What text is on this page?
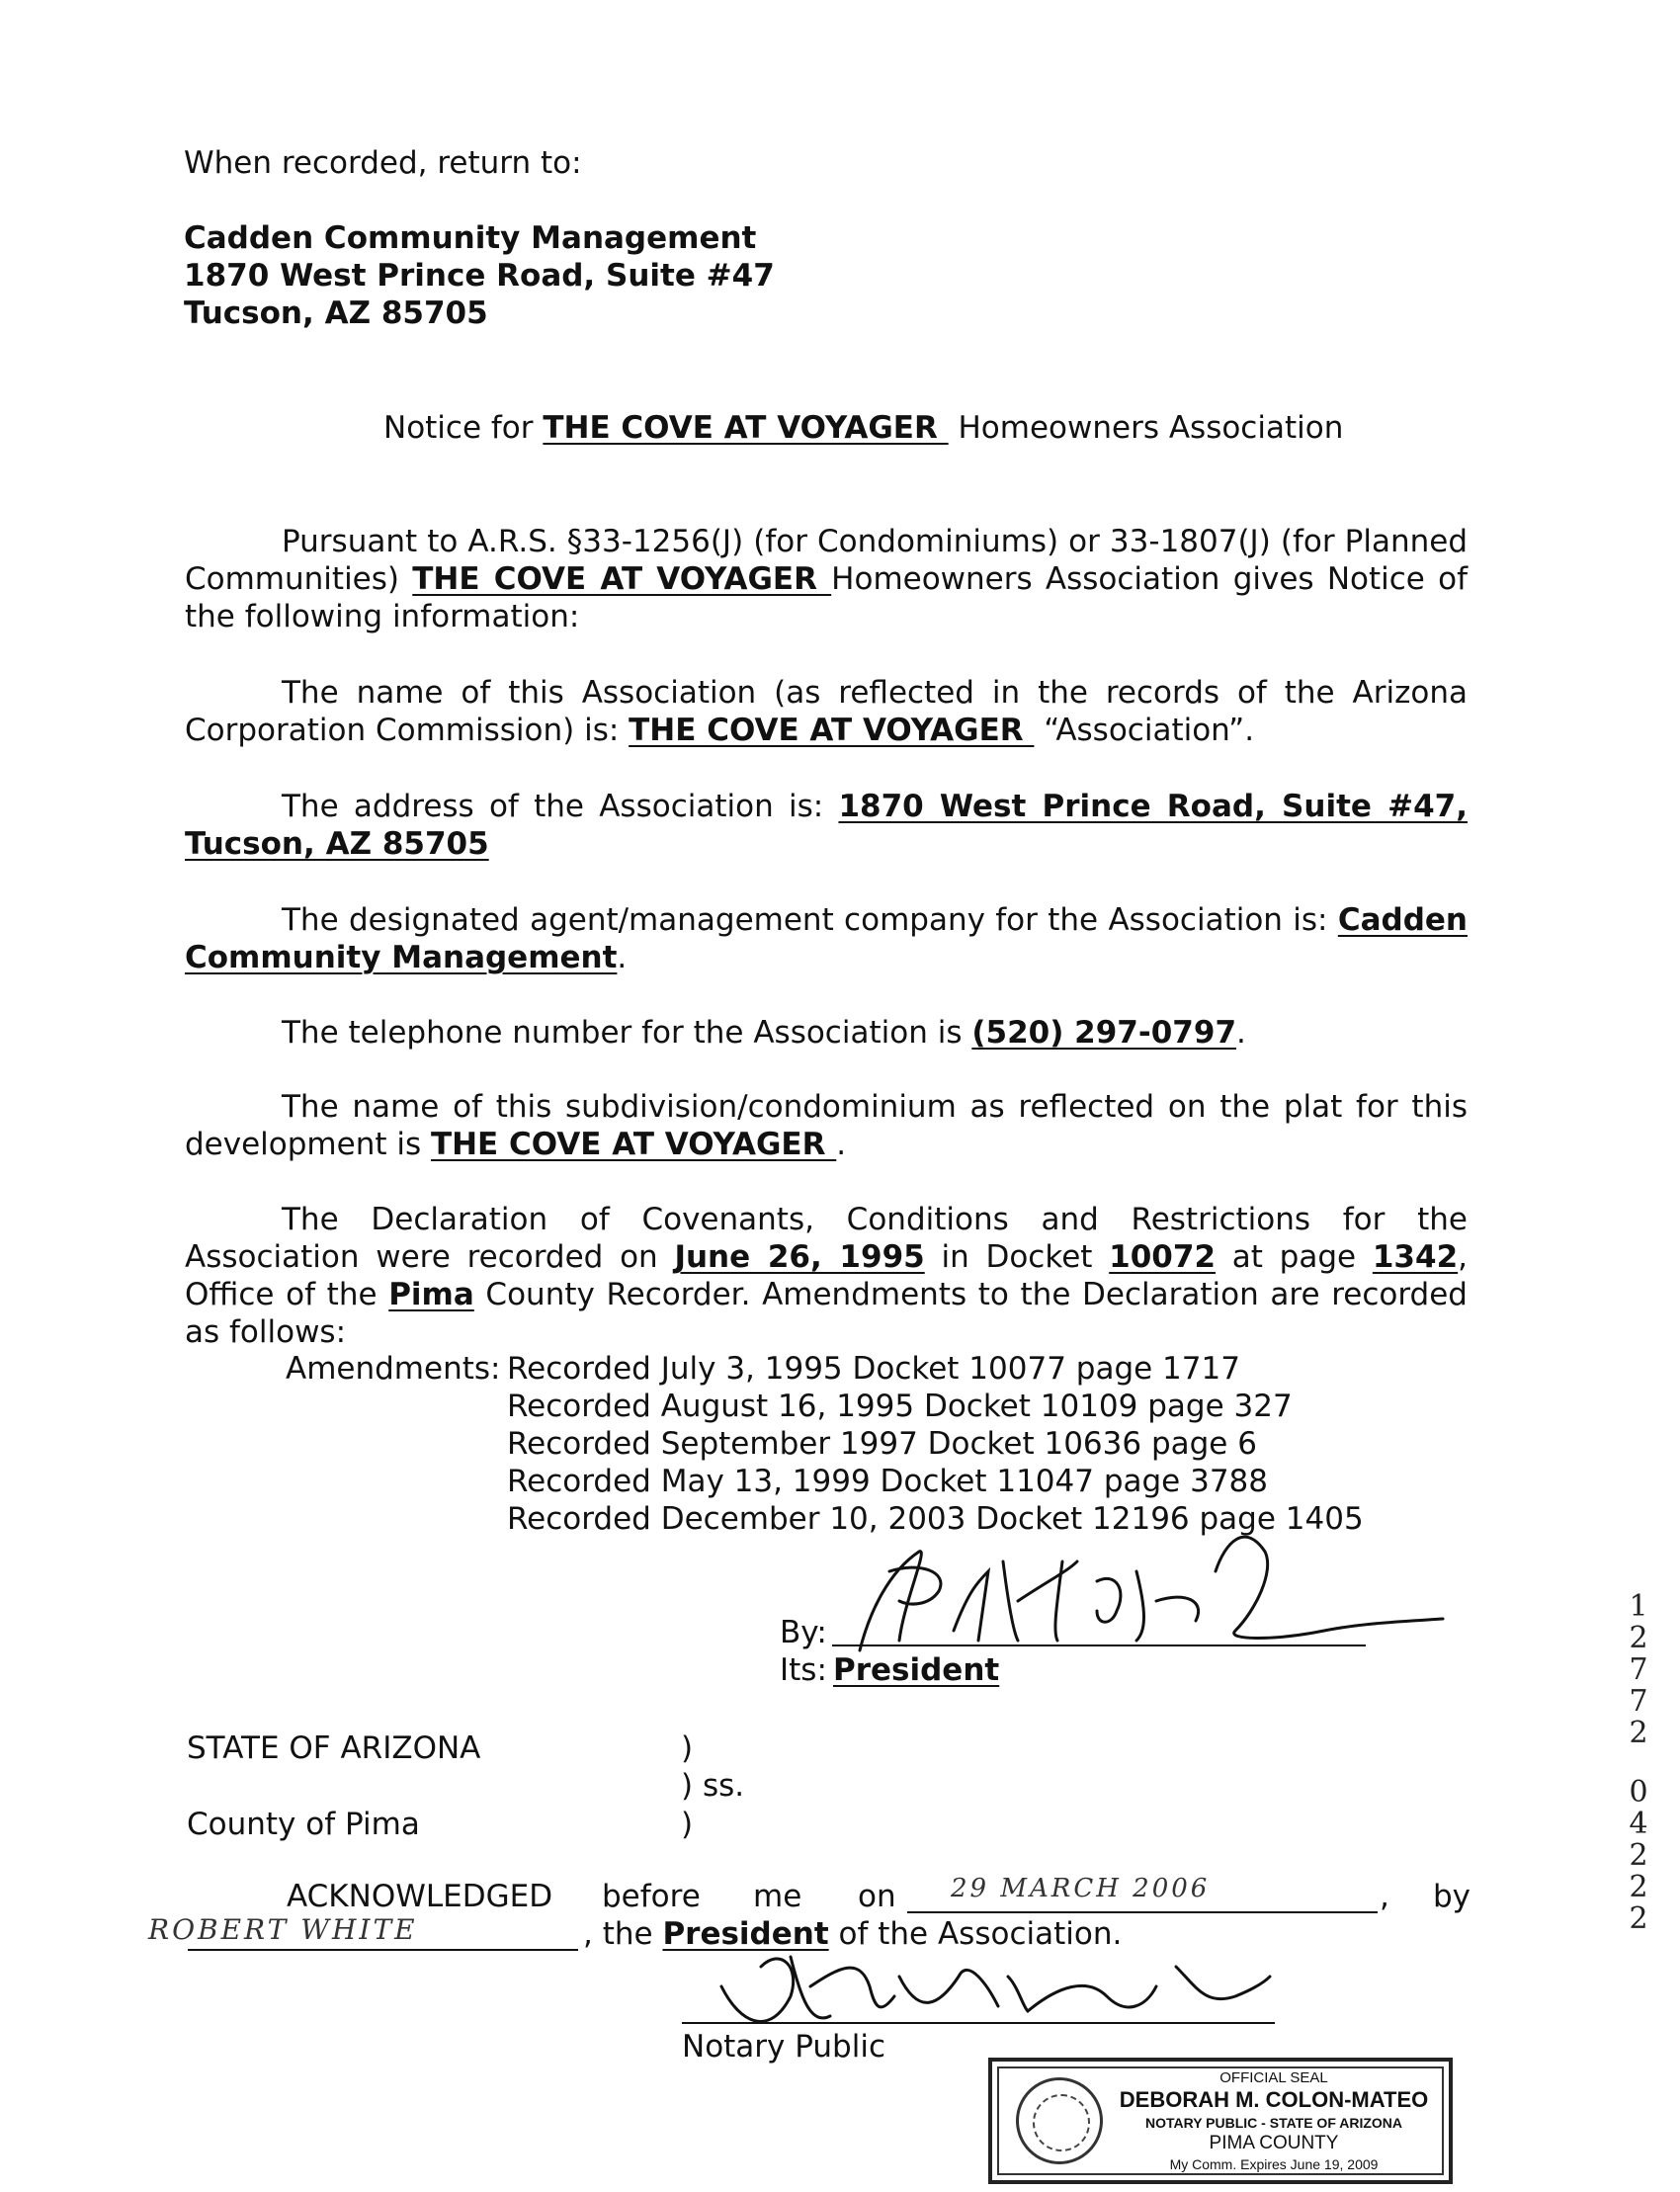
When recorded, return to:
Cadden Community Management
1870 West Prince Road, Suite #47
Tucson, AZ 85705
Notice for THE COVE AT VOYAGER  Homeowners Association
Pursuant to A.R.S. §33-1256(J) (for Condominiums) or 33-1807(J) (for Planned Communities) THE COVE AT VOYAGER Homeowners Association gives Notice of the following information:
The name of this Association (as reflected in the records of the Arizona Corporation Commission) is: THE COVE AT VOYAGER  “Association”.
The address of the Association is: 1870 West Prince Road, Suite #47, Tucson, AZ 85705
The designated agent/management company for the Association is: Cadden Community Management.
The telephone number for the Association is (520) 297-0797.
The name of this subdivision/condominium as reflected on the plat for this development is THE COVE AT VOYAGER .
The Declaration of Covenants, Conditions and Restrictions for the Association were recorded on June 26, 1995 in Docket 10072 at page 1342, Office of the Pima County Recorder. Amendments to the Declaration are recorded as follows:
Amendments: Recorded July 3, 1995 Docket 10077 page 1717
Recorded August 16, 1995 Docket 10109 page 327
Recorded September 1997 Docket 10636 page 6
Recorded May 13, 1999 Docket 11047 page 3788
Recorded December 10, 2003 Docket 12196 page 1405
By:
Its: President
STATE OF ARIZONA
County of Pima
)
) ss.
)
ACKNOWLEDGED before me on 29 MARCH 2006	, by
ROBERT WHITE	, the President of the Association.
Notary Public
OFFICIAL SEAL
DEBORAH M. COLON-MATEO
NOTARY PUBLIC - STATE OF ARIZONA
PIMA COUNTY
My Comm. Expires June 19, 2009
1
2
7
7
2
0
4
2
2
2
